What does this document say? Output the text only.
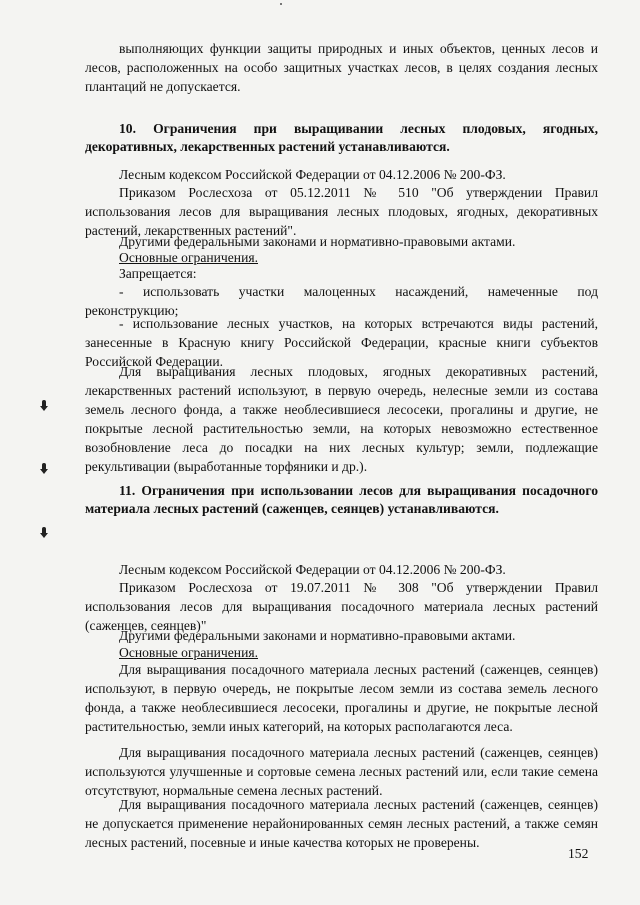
выполняющих функции защиты природных и иных объектов, ценных лесов и лесов, расположенных на особо защитных участках лесов, в целях создания лесных плантаций не допускается.
10. Ограничения при выращивании лесных плодовых, ягодных, декоративных, лекарственных растений устанавливаются.
Лесным кодексом Российской Федерации от 04.12.2006 № 200-ФЗ.
Приказом Рослесхоза от 05.12.2011 № 510 "Об утверждении Правил использования лесов для выращивания лесных плодовых, ягодных, декоративных растений, лекарственных растений".
Другими федеральными законами и нормативно-правовыми актами.
Основные ограничения.
Запрещается:
- использовать участки малоценных насаждений, намеченные под реконструкцию;
- использование лесных участков, на которых встречаются виды растений, занесенные в Красную книгу Российской Федерации, красные книги субъектов Российской Федерации.
Для выращивания лесных плодовых, ягодных декоративных растений, лекарственных растений используют, в первую очередь, нелесные земли из состава земель лесного фонда, а также необлесившиеся лесосеки, прогалины и другие, не покрытые лесной растительностью земли, на которых невозможно естественное возобновление леса до посадки на них лесных культур; земли, подлежащие рекультивации (выработанные торфяники и др.).
11. Ограничения при использовании лесов для выращивания посадочного материала лесных растений (саженцев, сеянцев) устанавливаются.
Лесным кодексом Российской Федерации от 04.12.2006 № 200-ФЗ.
Приказом Рослесхоза от 19.07.2011 № 308 "Об утверждении Правил использования лесов для выращивания посадочного материала лесных растений (саженцев, сеянцев)"
Другими федеральными законами и нормативно-правовыми актами.
Основные ограничения.
Для выращивания посадочного материала лесных растений (саженцев, сеянцев) используют, в первую очередь, не покрытые лесом земли из состава земель лесного фонда, а также необлесившиеся лесосеки, прогалины и другие, не покрытые лесной растительностью, земли иных категорий, на которых располагаются леса.
Для выращивания посадочного материала лесных растений (саженцев, сеянцев) используются улучшенные и сортовые семена лесных растений или, если такие семена отсутствуют, нормальные семена лесных растений.
Для выращивания посадочного материала лесных растений (саженцев, сеянцев) не допускается применение нерайонированных семян лесных растений, а также семян лесных растений, посевные и иные качества которых не проверены.
152
